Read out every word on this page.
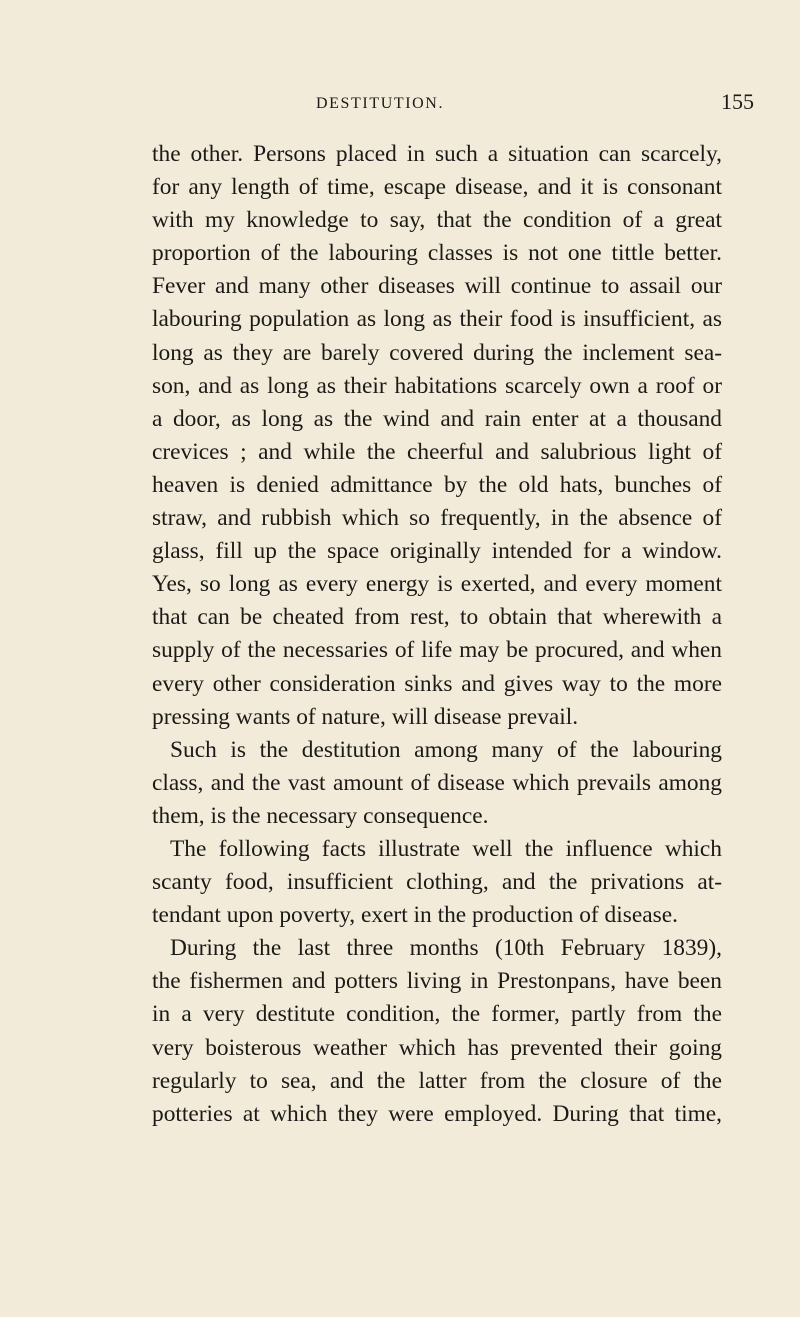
DESTITUTION.	155
the other. Persons placed in such a situation can scarcely,
for any length of time, escape disease, and it is consonant
with my knowledge to say, that the condition of a great
proportion of the labouring classes is not one tittle better.
Fever and many other diseases will continue to assail our
labouring population as long as their food is insufficient, as
long as they are barely covered during the inclement sea-
son, and as long as their habitations scarcely own a roof or
a door, as long as the wind and rain enter at a thousand
crevices ; and while the cheerful and salubrious light of
heaven is denied admittance by the old hats, bunches of
straw, and rubbish which so frequently, in the absence of
glass, fill up the space originally intended for a window.
Yes, so long as every energy is exerted, and every moment
that can be cheated from rest, to obtain that wherewith a
supply of the necessaries of life may be procured, and when
every other consideration sinks and gives way to the more
pressing wants of nature, will disease prevail.
Such is the destitution among many of the labouring
class, and the vast amount of disease which prevails among
them, is the necessary consequence.
The following facts illustrate well the influence which
scanty food, insufficient clothing, and the privations at-
tendant upon poverty, exert in the production of disease.
During the last three months (10th February 1839),
the fishermen and potters living in Prestonpans, have been
in a very destitute condition, the former, partly from the
very boisterous weather which has prevented their going
regularly to sea, and the latter from the closure of the
potteries at which they were employed. During that time,
